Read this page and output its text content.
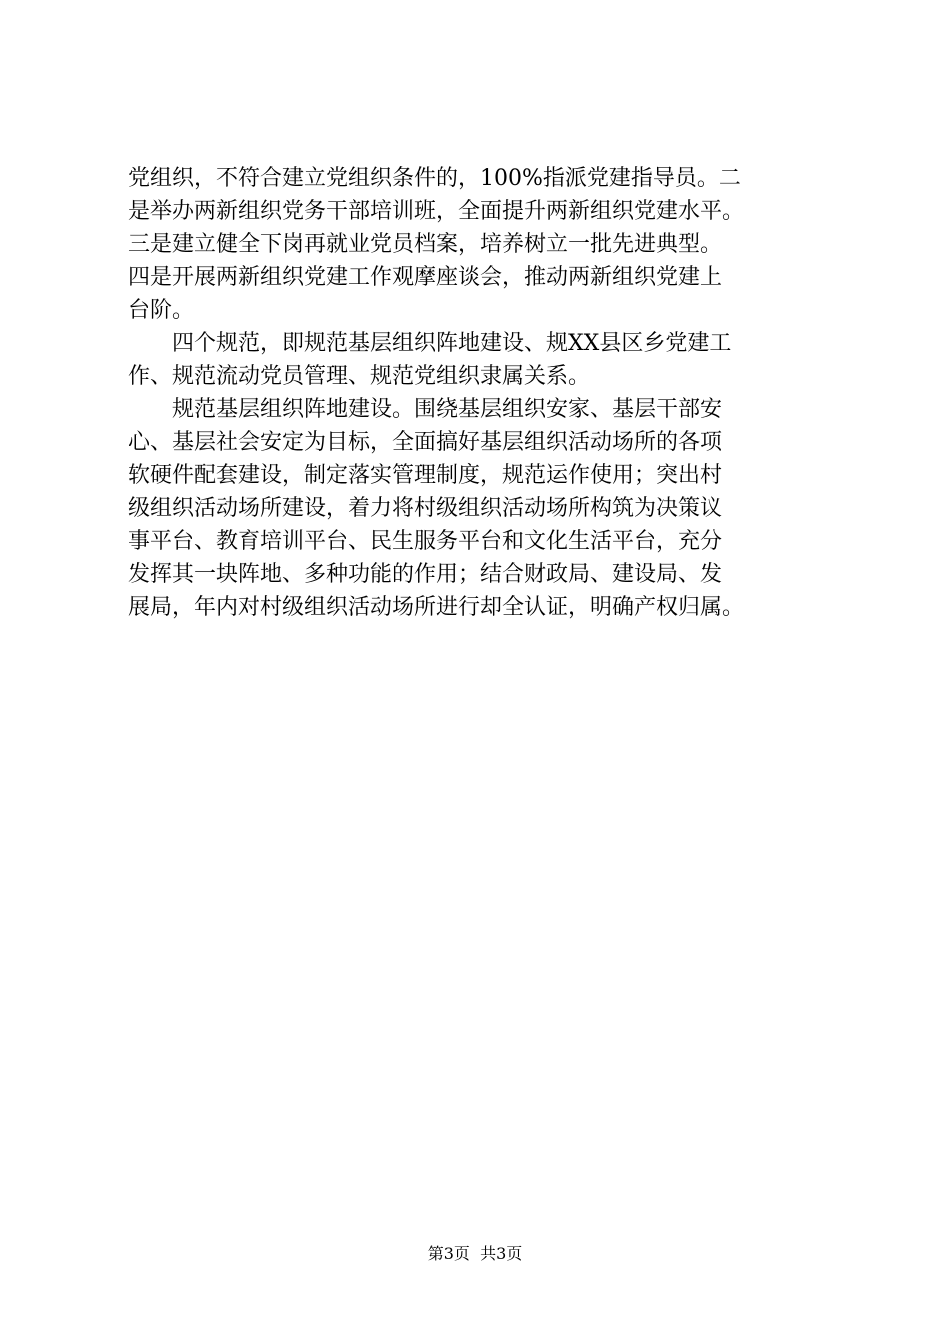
党组织，不符合建立党组织条件的，100%指派党建指导员。二
是举办两新组织党务干部培训班，全面提升两新组织党建水平。
三是建立健全下岗再就业党员档案，培养树立一批先进典型。
四是开展两新组织党建工作观摩座谈会，推动两新组织党建上
台阶。
四个规范，即规范基层组织阵地建设、规XX县区乡党建工
作、规范流动党员管理、规范党组织隶属关系。
规范基层组织阵地建设。围绕基层组织安家、基层干部安
心、基层社会安定为目标，全面搞好基层组织活动场所的各项
软硬件配套建设，制定落实管理制度，规范运作使用；突出村
级组织活动场所建设，着力将村级组织活动场所构筑为决策议
事平台、教育培训平台、民生服务平台和文化生活平台，充分
发挥其一块阵地、多种功能的作用；结合财政局、建设局、发
展局，年内对村级组织活动场所进行却全认证，明确产权归属。
第3页  共3页
